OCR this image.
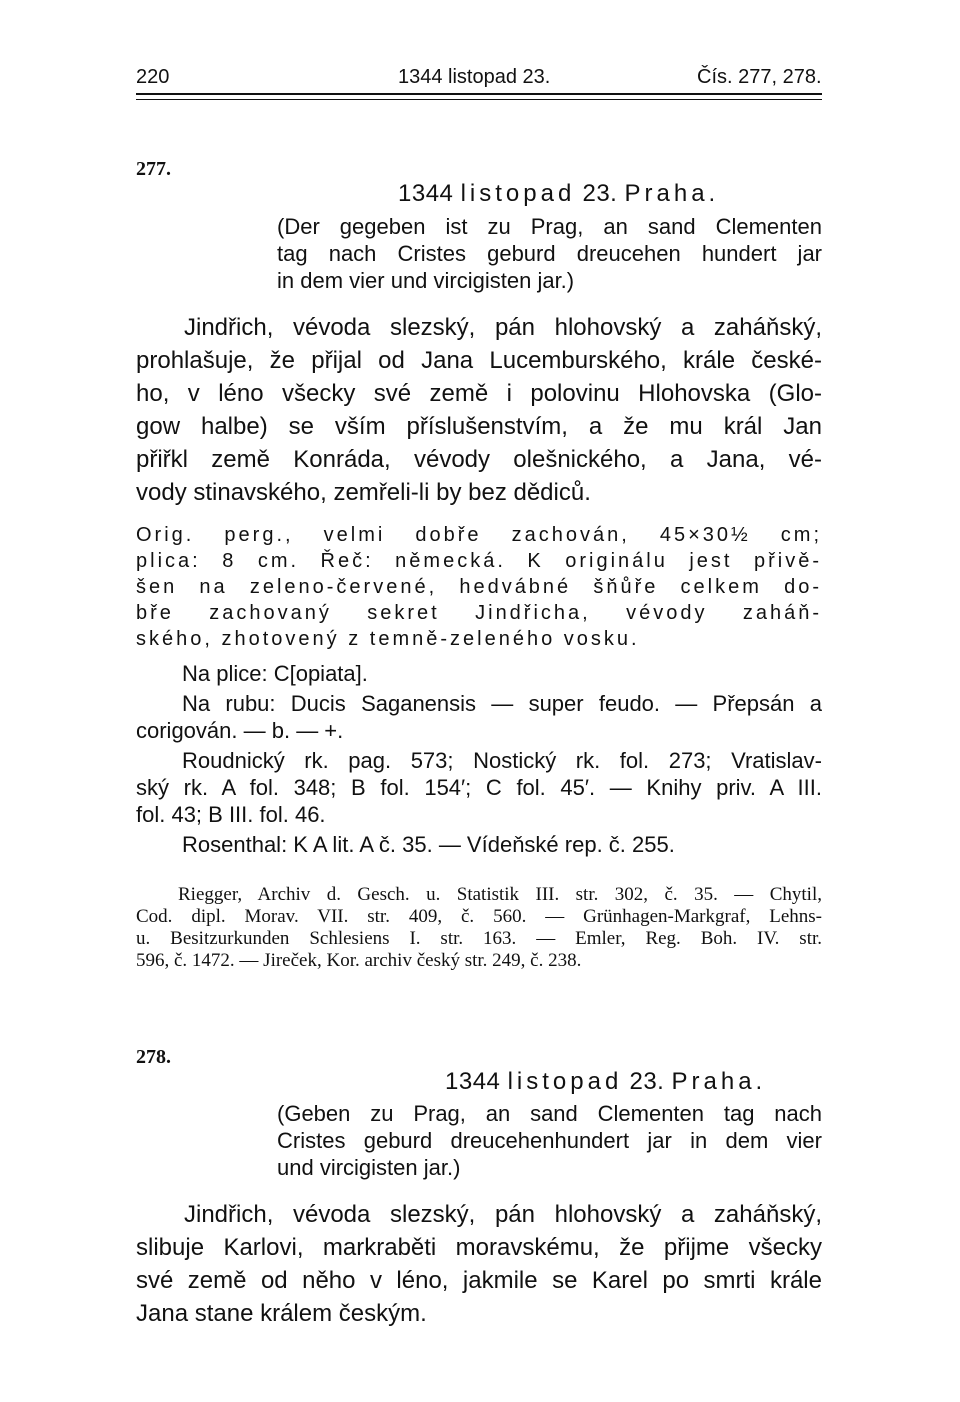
220	1344 listopad 23.	Čís. 277, 278.
277.
1344 listopad 23. Praha.
(Der gegeben ist zu Prag, an sand Clementen
tag nach Cristes geburd dreucehen hundert jar
in dem vier und vircigisten jar.)
Jindřich, vévoda slezský, pán hlohovský a zaháňský,
prohlašuje, že přijal od Jana Lucemburského, krále české-
ho, v léno všecky své země i polovinu Hlohovska (Glo-
gow halbe) se vším příslušenstvím, a že mu král Jan
přiřkl země Konráda, vévody olešnického, a Jana, vé-
vody stinavského, zemřeli-li by bez dědiců.
Orig. perg., velmi dobře zachován, 45×30½ cm;
plica: 8 cm. Řeč: německá. K originálu jest přivě-
šen na zeleno-červené, hedvábné šňůře celkem do-
bře zachovaný sekret Jindřicha, vévody zaháň-
ského, zhotovený z temně-zeleného vosku.
Na plice: C[opiata].
Na rubu: Ducis Saganensis — super feudo. — Přepsán a
corigován. — b. — +.
Roudnický rk. pag. 573; Nostický rk. fol. 273; Vratislav-
ský rk. A fol. 348; B fol. 154′; C fol. 45′. — Knihy priv. A III.
fol. 43; B III. fol. 46.
Rosenthal: K A lit. A č. 35. — Vídeňské rep. č. 255.
Riegger, Archiv d. Gesch. u. Statistik III. str. 302, č. 35. — Chytil,
Cod. dipl. Morav. VII. str. 409, č. 560. — Grünhagen-Markgraf, Lehns-
u. Besitzurkunden Schlesiens I. str. 163. — Emler, Reg. Boh. IV. str.
596, č. 1472. — Jireček, Kor. archiv český str. 249, č. 238.
278.
1344 listopad 23. Praha.
(Geben zu Prag, an sand Clementen tag nach
Cristes geburd dreucehenhundert jar in dem vier
und vircigisten jar.)
Jindřich, vévoda slezský, pán hlohovský a zaháňský,
slibuje Karlovi, markraběti moravskému, že přijme všecky
své země od něho v léno, jakmile se Karel po smrti krále
Jana stane králem českým.
